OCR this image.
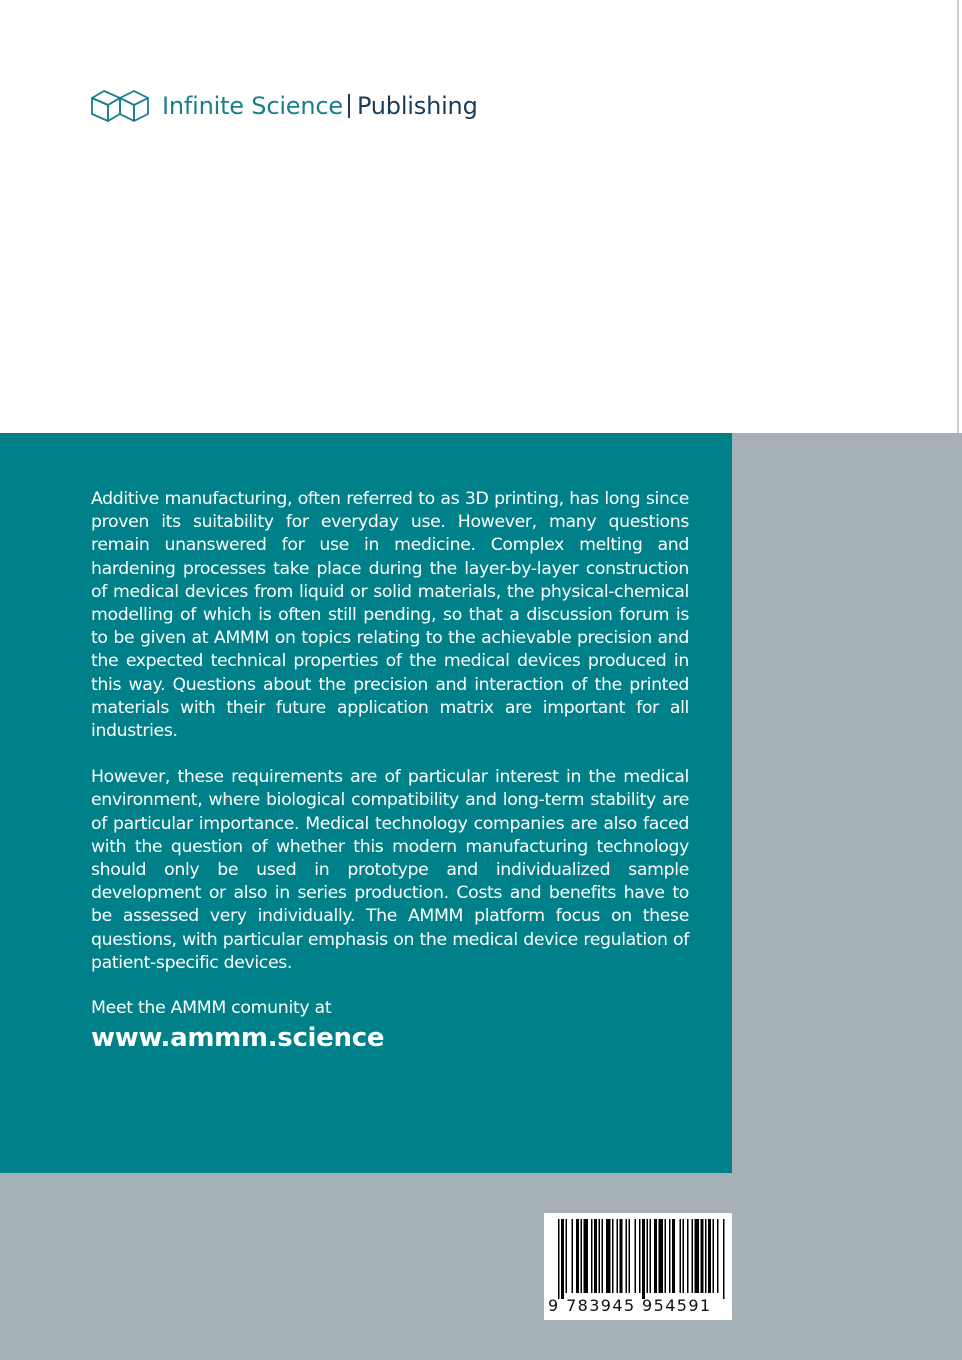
Infinite Science Publishing

Additive manufacturing, often referred to as 3D printing, has long since proven its suitability for everyday use. However, many questions remain unanswered for use in medicine. Complex melting and hardening processes take place during the layer-by-layer construction of medical devices from liquid or solid materials, the physical-chemical modelling of which is often still pending, so that a discussion forum is to be given at AMMM on topics relating to the achievable precision and the expected technical properties of the medical devices produced in this way. Questions about the precision and interaction of the printed materials with their future application matrix are important for all industries.

However, these requirements are of particular interest in the medical environment, where biological compatibility and long-term stability are of particular importance. Medical technology companies are also faced with the question of whether this modern manufacturing technology should only be used in prototype and individualized sample development or also in series production. Costs and benefits have to be assessed very individually. The AMMM platform focus on these questions, with particular emphasis on the medical device regulation of patient-specific devices.

Meet the AMMM comunity at
www.ammm.science
9 783945 954591
